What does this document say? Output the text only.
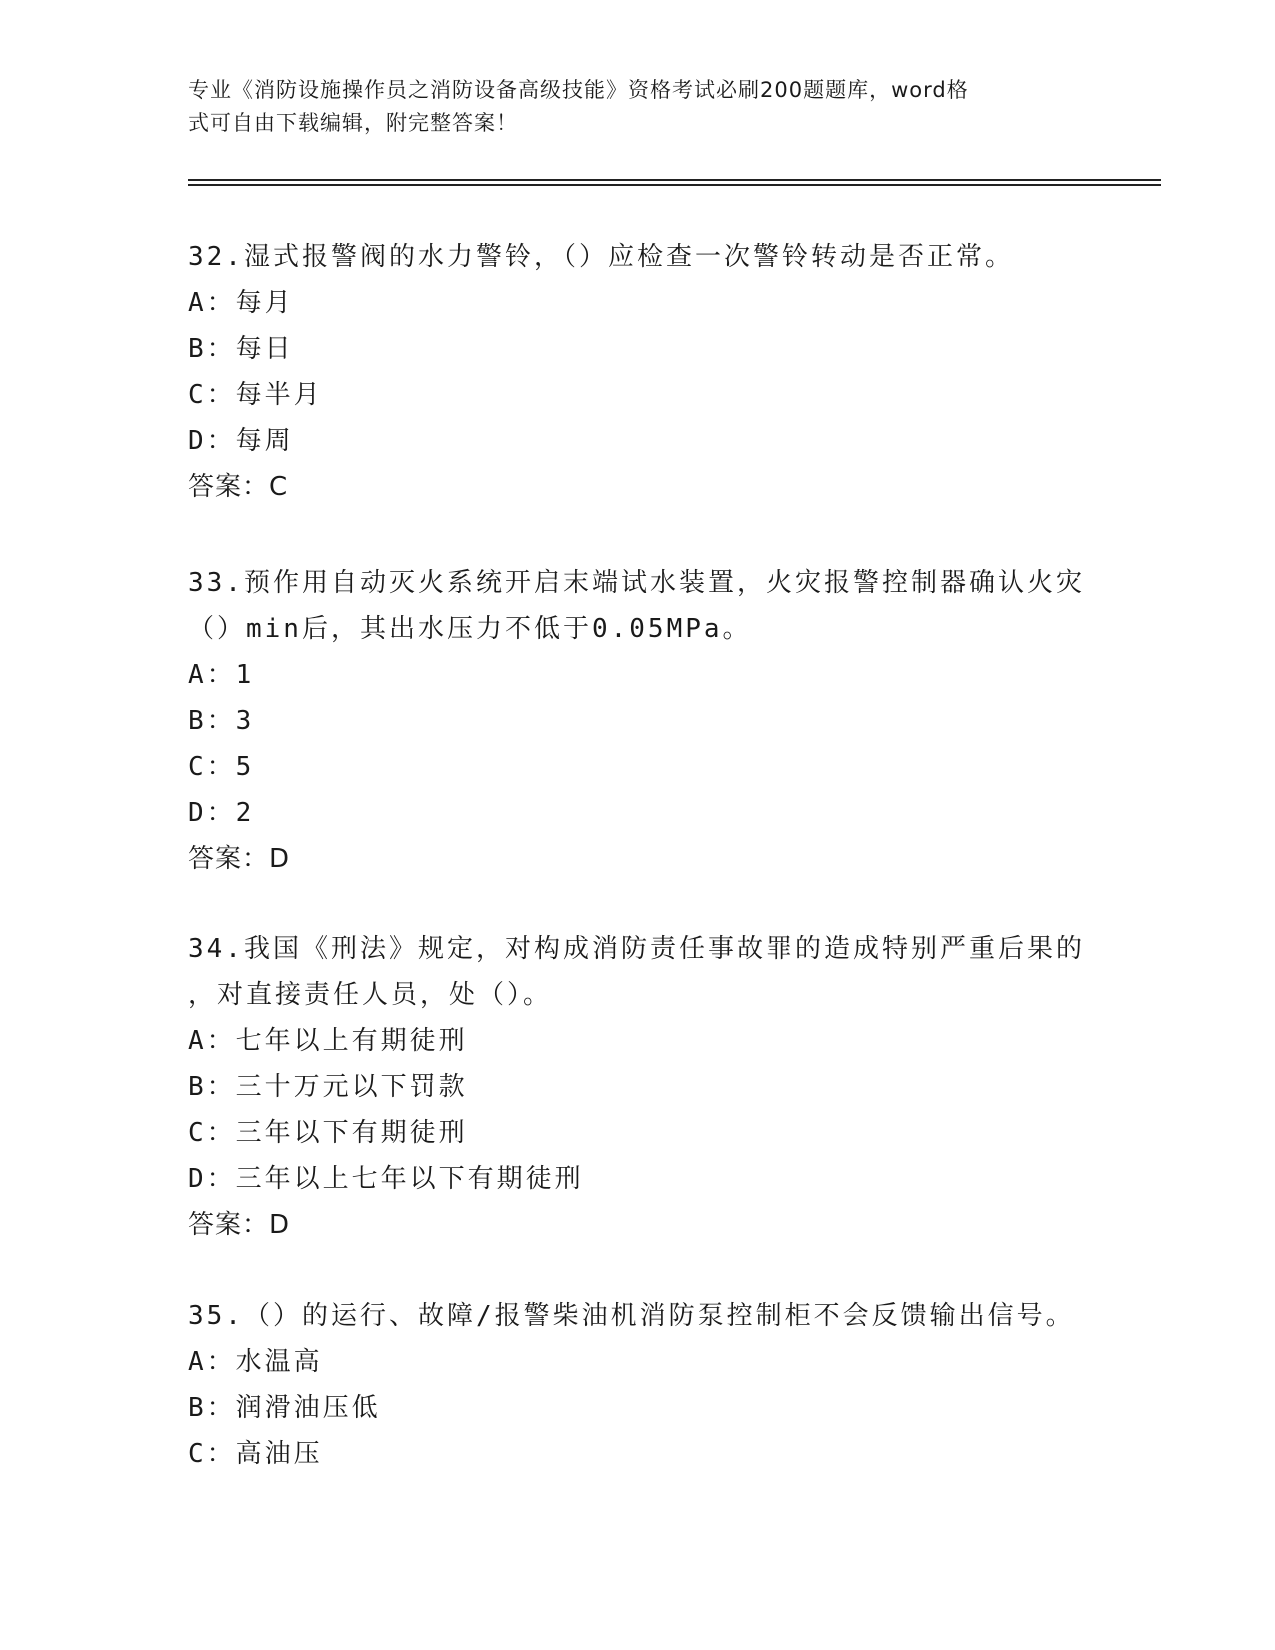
专业《消防设施操作员之消防设备高级技能》资格考试必刷200题题库，word格
式可自由下载编辑，附完整答案！
32.湿式报警阀的水力警铃，（）应检查一次警铃转动是否正常。
A：每月
B：每日
C：每半月
D：每周
答案：C
33.预作用自动灭火系统开启末端试水装置，火灾报警控制器确认火灾
（）min后，其出水压力不低于0.05MPa。
A：1
B：3
C：5
D：2
答案：D
34.我国《刑法》规定，对构成消防责任事故罪的造成特别严重后果的
，对直接责任人员，处（）。
A：七年以上有期徒刑
B：三十万元以下罚款
C：三年以下有期徒刑
D：三年以上七年以下有期徒刑
答案：D
35.（）的运行、故障/报警柴油机消防泵控制柜不会反馈输出信号。
A：水温高
B：润滑油压低
C：高油压
